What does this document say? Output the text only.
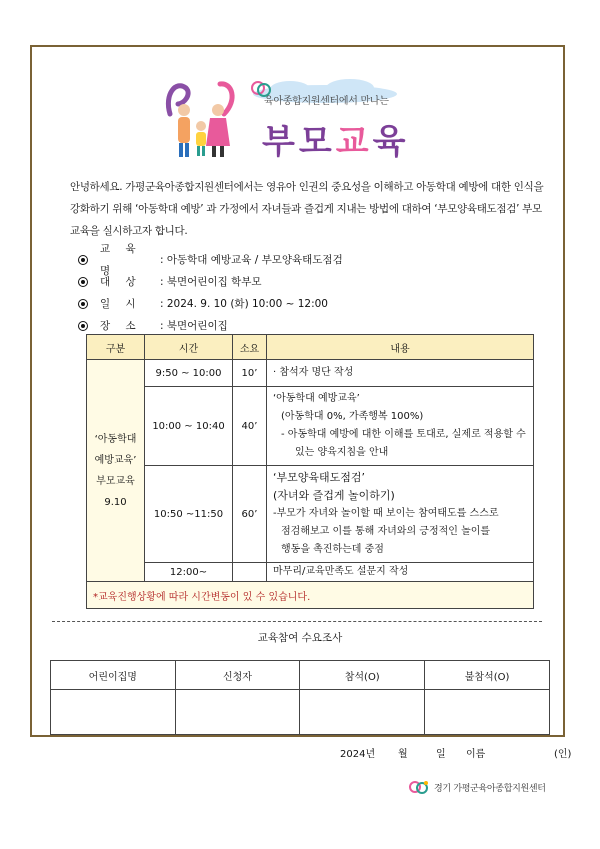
육아종합지원센터에서 만나는
부모교육
안녕하세요. 가평군육아종합지원센터에서는 영유아 인권의 중요성을 이해하고 아동학대 예방에 대한 인식을 강화하기 위해 ‘아동학대 예방’ 과 가정에서 자녀들과 즐겁게 지내는 방법에 대하여 ‘부모양육태도점검’ 부모교육을 실시하고자 합니다.
교 육 명
: 아동학대 예방교육 / 부모양육태도점검
대 상	: 북면어린이집 학부모
일 시	: 2024. 9. 10 (화) 10:00 ~ 12:00
장 소	: 북면어린이집
구분	시간	소요	내용

‘아동학대
예방교육’
부모교육
9.10	9:50 ~ 10:00	10’	· 참석자 명단 작성

	10:00 ~ 10:40	40’	‘아동학대 예방교육’
(아동학대 0%, 가족행복 100%)
- 아동학대 예방에 대한 이해를 토대로, 실제로 적용할 수
있는 양육지침을 안내

	10:50 ~11:50	60’	‘부모양육태도점검’
(자녀와 즐겁게 놀이하기)
-부모가 자녀와 놀이할 때 보이는 참여태도를 스스로
점검해보고 이를 통해 자녀와의 긍정적인 놀이를
행동을 촉진하는데 중점

	12:00~		마무리/교육만족도 설문지 작성

*교육진행상황에 따라 시간변동이 있 수 있습니다.			
교육참여 수요조사
어린이집명	신청자	참석(O)	불참석(O)

2024년 월	일 이름	(인)
경기 가평군육아종합지원센터
